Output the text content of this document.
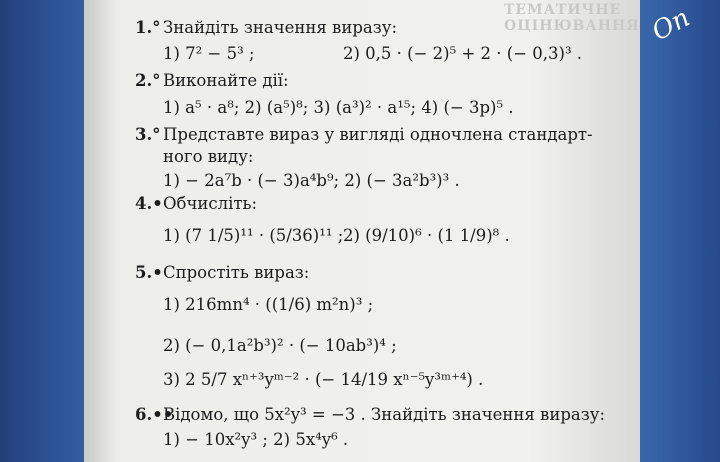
Оп
ТЕМАТИЧНЕ ОЦІНЮВАННЯ
1.° Знайдіть значення виразу:
1) 7² − 5³ ;	2) 0,5 · (− 2)⁵ + 2 · (− 0,3)³ .
2.° Виконайте дії:
1) a⁵ · a⁸; 2) (a⁵)⁸; 3) (a³)² · a¹⁵; 4) (− 3p)⁵ .
3.° Представте вираз у вигляді одночлена стандарт-
ного виду:
1) − 2a⁷b · (− 3)a⁴b⁹; 2) (− 3a²b³)³ .
4.•Обчисліть:
1) (7 1/5)¹¹ · (5/36)¹¹ ; 2) (9/10)⁶ · (1 1/9)⁸ .
5.•Спростіть вираз:
1) 216mn⁴ · ((1/6) m²n)³ ;
2) (− 0,1a²b³)² · (− 10ab³)⁴ ;
3) 2 5/7 xⁿ⁺³yᵐ⁻² · (− 14/19 xⁿ⁻⁵y³ᵐ⁺⁴) .
6.••Відомо, що 5x²y³ = −3 . Знайдіть значення виразу:
1) − 10x²y³ ; 2) 5x⁴y⁶ .
